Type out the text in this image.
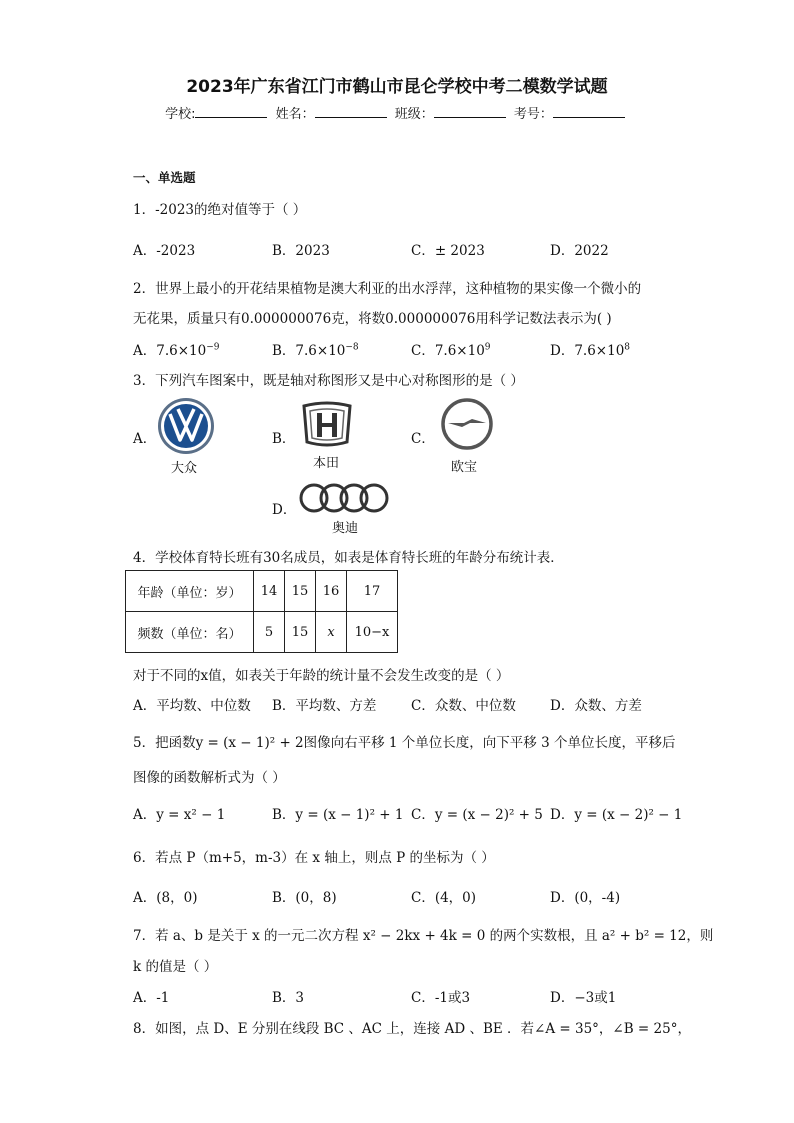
2023年广东省江门市鹤山市昆仑学校中考二模数学试题
学校:	姓名：	班级：	考号：
一、单选题
1．-2023的绝对值等于（ ）
A．-2023	B．2023	C．± 2023	D．2022
2．世界上最小的开花结果植物是澳大利亚的出水浮萍，这种植物的果实像一个微小的
无花果，质量只有0.000000076克，将数0.000000076用科学记数法表示为( )
A．$7.6\times 10^{-9}$	B．$7.6\times 10^{-8}$	C．$7.6\times 10^9$	D．$7.6\times 10^8$
3．下列汽车图案中，既是轴对称图形又是中心对称图形的是（ ）
A．
大众
B．
本田
C．
欧宝
D．
奥迪
4．学校体育特长班有30名成员，如表是体育特长班的年龄分布统计表．
年龄（单位：岁）	14	15	16	17
频数（单位：名）	5	15	x	10−x
对于不同的x值，如表关于年龄的统计量不会发生改变的是（ ）
A．平均数、中位数 B．平均数、方差	C．众数、中位数	D．众数、方差
5．把函数y = (x − 1)² + 2图像向右平移 1 个单位长度，向下平移 3 个单位长度，平移后
图像的函数解析式为（ ）
A．y = x² − 1	B．y = (x − 1)² + 1 C．y = (x − 2)² + 5 D．y = (x − 2)² − 1
6．若点 P（m+5，m-3）在 x 轴上，则点 P 的坐标为（ ）
A．(8，0)	B．(0，8)	C．(4，0)	D．(0，-4)
7．若 a、b 是关于 x 的一元二次方程 x² − 2kx + 4k = 0 的两个实数根，且 a² + b² = 12，则
k 的值是（ ）
A．-1	B．3	C．-1或3	D．−3或1
8．如图，点 D、E 分别在线段 BC 、AC 上，连接 AD 、BE ．若∠A = 35°，∠B = 25°，
